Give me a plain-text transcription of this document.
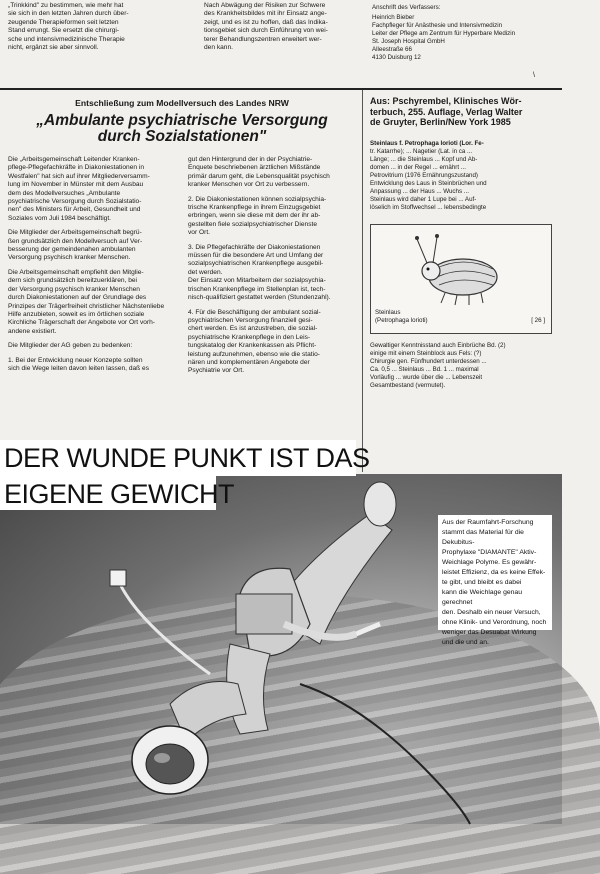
„Trinkkind" zu bestimmen, wie mehr hat
sie sich in den letzten Jahren durch über-
zeugende Therapieformen seit letzten
Stand errungt. Sie ersetzt die chirurgi-
sche und intensivmedizinische Therapie
nicht, ergänzt sie aber sinnvoll.
Nach Abwägung der Risiken zur Schwere
des Krankheitsbildes mit ihr Einsatz ange-
zeigt, und es ist zu hoffen, daß das Indika-
tionsgebiet sich durch Einführung von wei-
terer Behandlungszentren erweitert wer-
den kann.
Anschrift des Verfassers:
Heinrich Bieber
Fachpfleger für Anästhesie und Intensivmedizin
Leiter der Pflege am Zentrum für Hyperbare Medizin
St. Joseph Hospital GmbH
Alleestraße 66
4130 Duisburg 12
\
Entschließung zum Modellversuch des Landes NRW
„Ambulante psychiatrische Versorgung
durch Sozialstationen"
Die „Arbeitsgemeinschaft Leitender Kranken-
pflege-Pflegefachkräfte in Diakoniestationen in
Westfalen" hat sich auf ihrer Mitgliederversamm-
lung im November in Münster mit dem Ausbau
dem des Modellversuches „Ambulante
psychiatrische Versorgung durch Sozialstatio-
nen" des Ministers für Arbeit, Gesundheit und
Soziales vom Juli 1984 beschäftigt.
Die Mitglieder der Arbeitsgemeinschaft begrü-
ßen grundsätzlich den Modellversuch auf Ver-
besserung der gemeindenahen ambulanten
Versorgung psychisch kranker Menschen.
Die Arbeitsgemeinschaft empfiehlt den Mitglie-
dern sich grundsätzlich bereitzuerklären, bei
der Versorgung psychisch kranker Menschen
durch Diakoniestationen auf der Grundlage des
Prinzipes der Trägerfreiheit christlicher Nächstenliebe
Hilfe anzubieten, soweit es im örtlichen soziale
Kirchliche Trägerschaft der Angebote vor Ort vorh-
andene existiert.
Die Mitglieder der AG geben zu bedenken:
1. Bei der Entwicklung neuer Konzepte sollten
sich die Wege leiten davon leiten lassen, daß es
gut den Hintergrund der in der Psychiatrie-
Enquete beschriebenen ärztlichen Mißstände
primär darum geht, die Lebensqualität psychisch
kranker Menschen vor Ort zu verbessern.
2. Die Diakoniestationen können sozialpsychia-
trische Krankenpflege in ihrem Einzugsgebiet
erbringen, wenn sie diese mit dem der ihr ab-
gestellten fiele sozialpsychiatrischer Dienste
vor Ort.
3. Die Pflegefachkräfte der Diakoniestationen
müssen für die besondere Art und Umfang der
sozialpsychiatrischen Krankenpflege ausgebil-
det werden.
Der Einsatz von Mitarbeitern der sozialpsychia-
trischen Krankenpflege im Stellenplan ist, tech-
nisch-qualifiziert gestattet werden (Stundenzahl).
4. Für die Beschäftigung der ambulant sozial-
psychiatrischen Versorgung finanziell gesi-
chert werden. Es ist anzustreben, die sozial-
psychiatrische Krankenpflege in den Leis-
tungskatalog der Krankenkassen als Pflicht-
leistung aufzunehmen, ebenso wie die statio-
nären und komplementären Angebote der
Psychiatrie vor Ort.
Aus: Pschyrembel, Klinisches Wör-
terbuch, 255. Auflage, Verlag Walter
de Gruyter, Berlin/New York 1985
Steinlaus f. Petrophaga lorioti (Lor. Fe-
tr. Katarrhe); ... Nagetier (Lat. in ca ...
Länge; ... die Steinlaus ... Kopf und Ab-
domen ... in der Regel ... ernährt ...
Petrovitrium (1976 Ernährungszustand)
Entwicklung des Laus in Steinbrüchen und
Anpassung ... der Haus ... Wuchs ...
Steinlaus wird daher 1 Lupe bei ... Auf-
löselich im Stoffwechsel ... lebensbedingte
Steinlaus
(Petrophaga lorioti)	[ 26 ]
Gewaltiger Kenntnisstand auch Einbrüche Bd. (2)
einige mit einem Steinblock aus Fels: (?)
Chirurgie gen. Fünfhundert unterdessen ...
Ca. 0,5 ... Steinlaus ... Bd. 1 ... maximal
Vorläufig ... wurde über die ... Lebenszeit
Gesamtbestand (vermutet).
DER WUNDE PUNKT IST DAS
EIGENE GEWICHT
Aus der Raumfahrt-Forschung
stammt das Material für die Dekubitus-
Prophylaxe "DIAMANTE" Aktiv-
Weichlage Polyme. Es gewähr-
leistet Effizienz, da es keine Effek-
te gibt, und bleibt es dabei
kann die Weichlage genau gerechnet
den. Deshalb ein neuer Versuch,
ohne Klinik- und Verordnung, noch
weniger das Desuabat Wirkung
und die und an.
